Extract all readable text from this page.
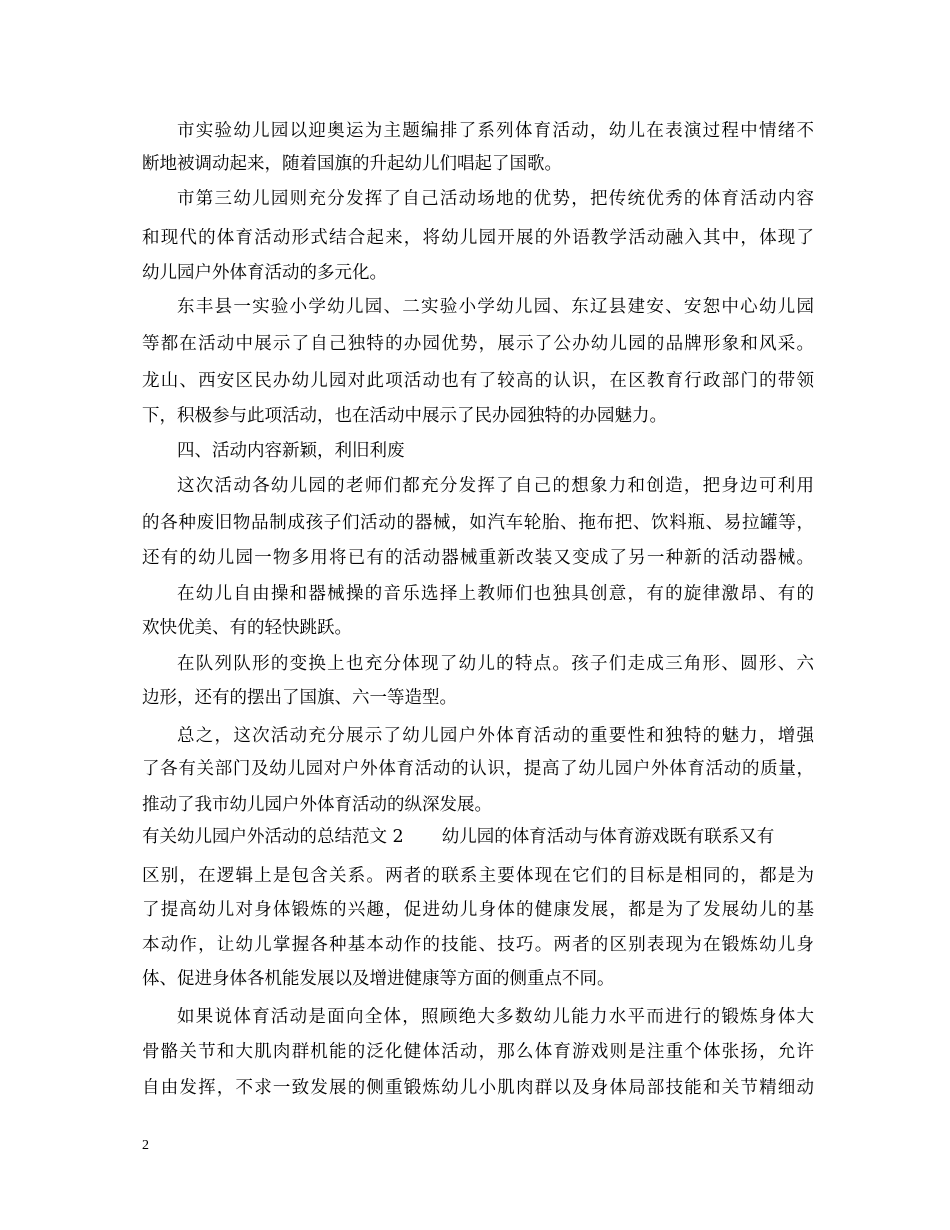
市实验幼儿园以迎奥运为主题编排了系列体育活动，幼儿在表演过程中情绪不
断地被调动起来，随着国旗的升起幼儿们唱起了国歌。
市第三幼儿园则充分发挥了自己活动场地的优势，把传统优秀的体育活动内容
和现代的体育活动形式结合起来，将幼儿园开展的外语教学活动融入其中，体现了
幼儿园户外体育活动的多元化。
东丰县一实验小学幼儿园、二实验小学幼儿园、东辽县建安、安恕中心幼儿园
等都在活动中展示了自己独特的办园优势，展示了公办幼儿园的品牌形象和风采。
龙山、西安区民办幼儿园对此项活动也有了较高的认识，在区教育行政部门的带领
下，积极参与此项活动，也在活动中展示了民办园独特的办园魅力。
四、活动内容新颖，利旧利废
这次活动各幼儿园的老师们都充分发挥了自己的想象力和创造，把身边可利用
的各种废旧物品制成孩子们活动的器械，如汽车轮胎、拖布把、饮料瓶、易拉罐等，
还有的幼儿园一物多用将已有的活动器械重新改装又变成了另一种新的活动器械。
在幼儿自由操和器械操的音乐选择上教师们也独具创意，有的旋律激昂、有的
欢快优美、有的轻快跳跃。
在队列队形的变换上也充分体现了幼儿的特点。孩子们走成三角形、圆形、六
边形，还有的摆出了国旗、六一等造型。
总之，这次活动充分展示了幼儿园户外体育活动的重要性和独特的魅力，增强
了各有关部门及幼儿园对户外体育活动的认识，提高了幼儿园户外体育活动的质量，
推动了我市幼儿园户外体育活动的纵深发展。
有关幼儿园户外活动的总结范文 2 幼儿园的体育活动与体育游戏既有联系又有
区别，在逻辑上是包含关系。两者的联系主要体现在它们的目标是相同的，都是为
了提高幼儿对身体锻炼的兴趣，促进幼儿身体的健康发展，都是为了发展幼儿的基
本动作，让幼儿掌握各种基本动作的技能、技巧。两者的区别表现为在锻炼幼儿身
体、促进身体各机能发展以及增进健康等方面的侧重点不同。
如果说体育活动是面向全体，照顾绝大多数幼儿能力水平而进行的锻炼身体大
骨骼关节和大肌肉群机能的泛化健体活动，那么体育游戏则是注重个体张扬，允许
自由发挥，不求一致发展的侧重锻炼幼儿小肌肉群以及身体局部技能和关节精细动
2
